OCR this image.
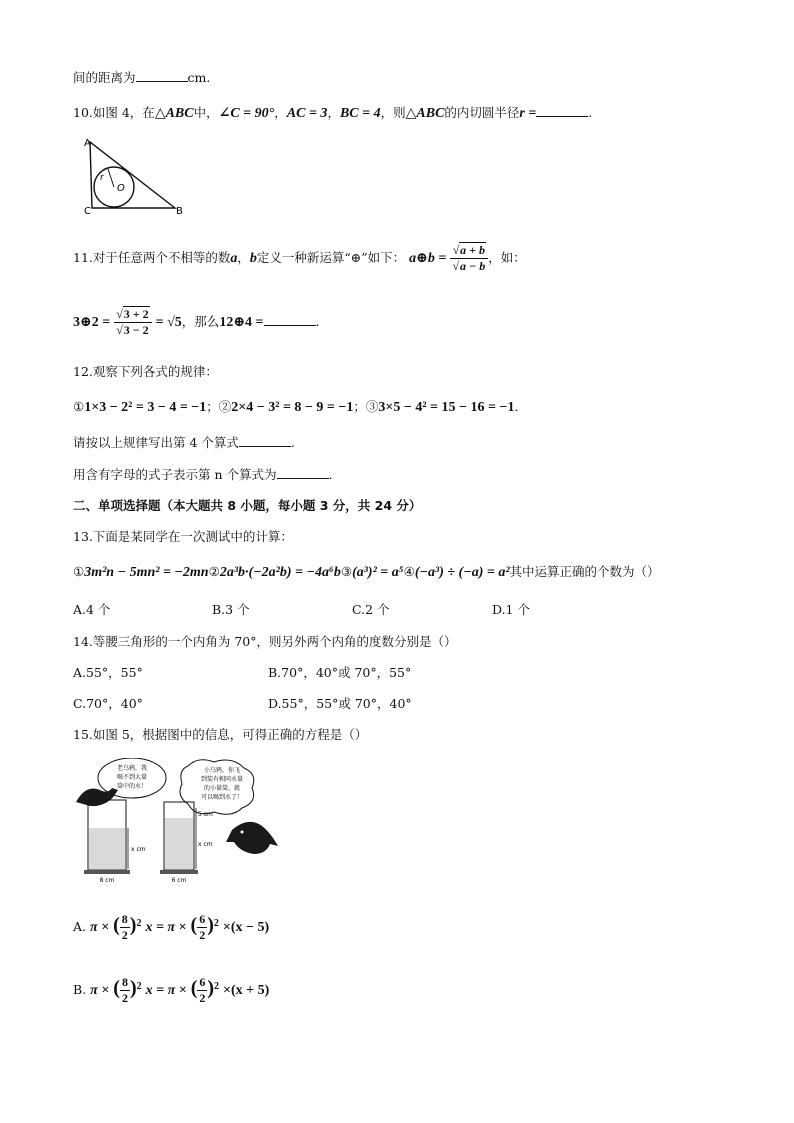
间的距离为	cm.
10.如图 4，在△ABC中，∠C = 90°，AC = 3，BC = 4，则△ABC的内切圆半径r =	.
A
C	B
O
r
11.对于任意两个不相等的数a，b定义一种新运算“⊕”如下： a⊕b = $\frac{√a + b}{√a - b}$ ，如：
3⊕2 = $\frac{√3 + 2}{√3 - 2} = √5$，那么12⊕4 =	.
12.观察下列各式的规律：
①1×3 − 2² = 3 − 4 = −1；②2×4 − 3² = 8 − 9 = −1；③3×5 − 4² = 15 − 16 = −1.
请按以上规律写出第 4 个算式	.
用含有字母的式子表示第 n 个算式为	.
二、单项选择题（本大题共 8 小题，每小题 3 分，共 24 分）
13.下面是某同学在一次测试中的计算：
①3m²n − 5mn² = −2mn②2a³b·(−2a²b) = −4a⁶b③(a³)² = a⁵④(−a³) ÷ (−a) = a²其中运算正确的个数为（）
A.4 个	B.3 个	C.2 个	D.1 个
14.等腰三角形的一个内角为 70°，则另外两个内角的度数分别是（）
A.55°，55°	B.70°，40°或 70°，55°
C.70°，40°	D.55°，55°或 70°，40°
15.如图 5，根据图中的信息，可得正确的方程是（）
老乌鸦，我
喝不到大量
筒中的水！
小乌鸦，你飞
到装有相同水量
的小量筒，就
可以喝到水了！
x cm
8 cm
5 cm
x cm
6 cm
A. π × ( $\frac{8}{2} )^2$ x = π × ( $\frac{6}{2} )^2 \times(x - 5)$
B. π × ( $\frac{8}{2} )^2$ x = π × ( $\frac{6}{2} )^2 \times(x + 5)$
